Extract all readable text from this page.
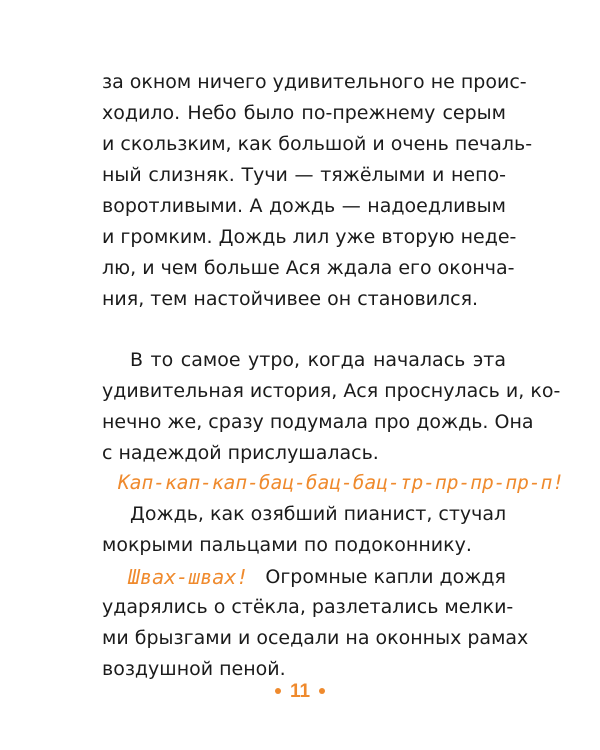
за окном ничего удивительного не проис-
ходило. Небо было по-прежнему серым
и скользким, как большой и очень печаль-
ный слизняк. Тучи — тяжёлыми и непо-
воротливыми. А дождь — надоедливым
и громким. Дождь лил уже вторую неде-
лю, и чем больше Ася ждала его оконча-
ния, тем настойчивее он становился.
В то самое утро, когда началась эта
удивительная история, Ася проснулась и, ко-
нечно же, сразу подумала про дождь. Она
с надеждой прислушалась.
Кап-кап-кап-бац-бац-бац-тр-пр-пр-пр-п!
Дождь, как озябший пианист, стучал
мокрыми пальцами по подоконнику.
Швах-швах! Огромные капли дождя
ударялись о стёкла, разлетались мелки-
ми брызгами и оседали на оконных рамах
воздушной пеной.
11
